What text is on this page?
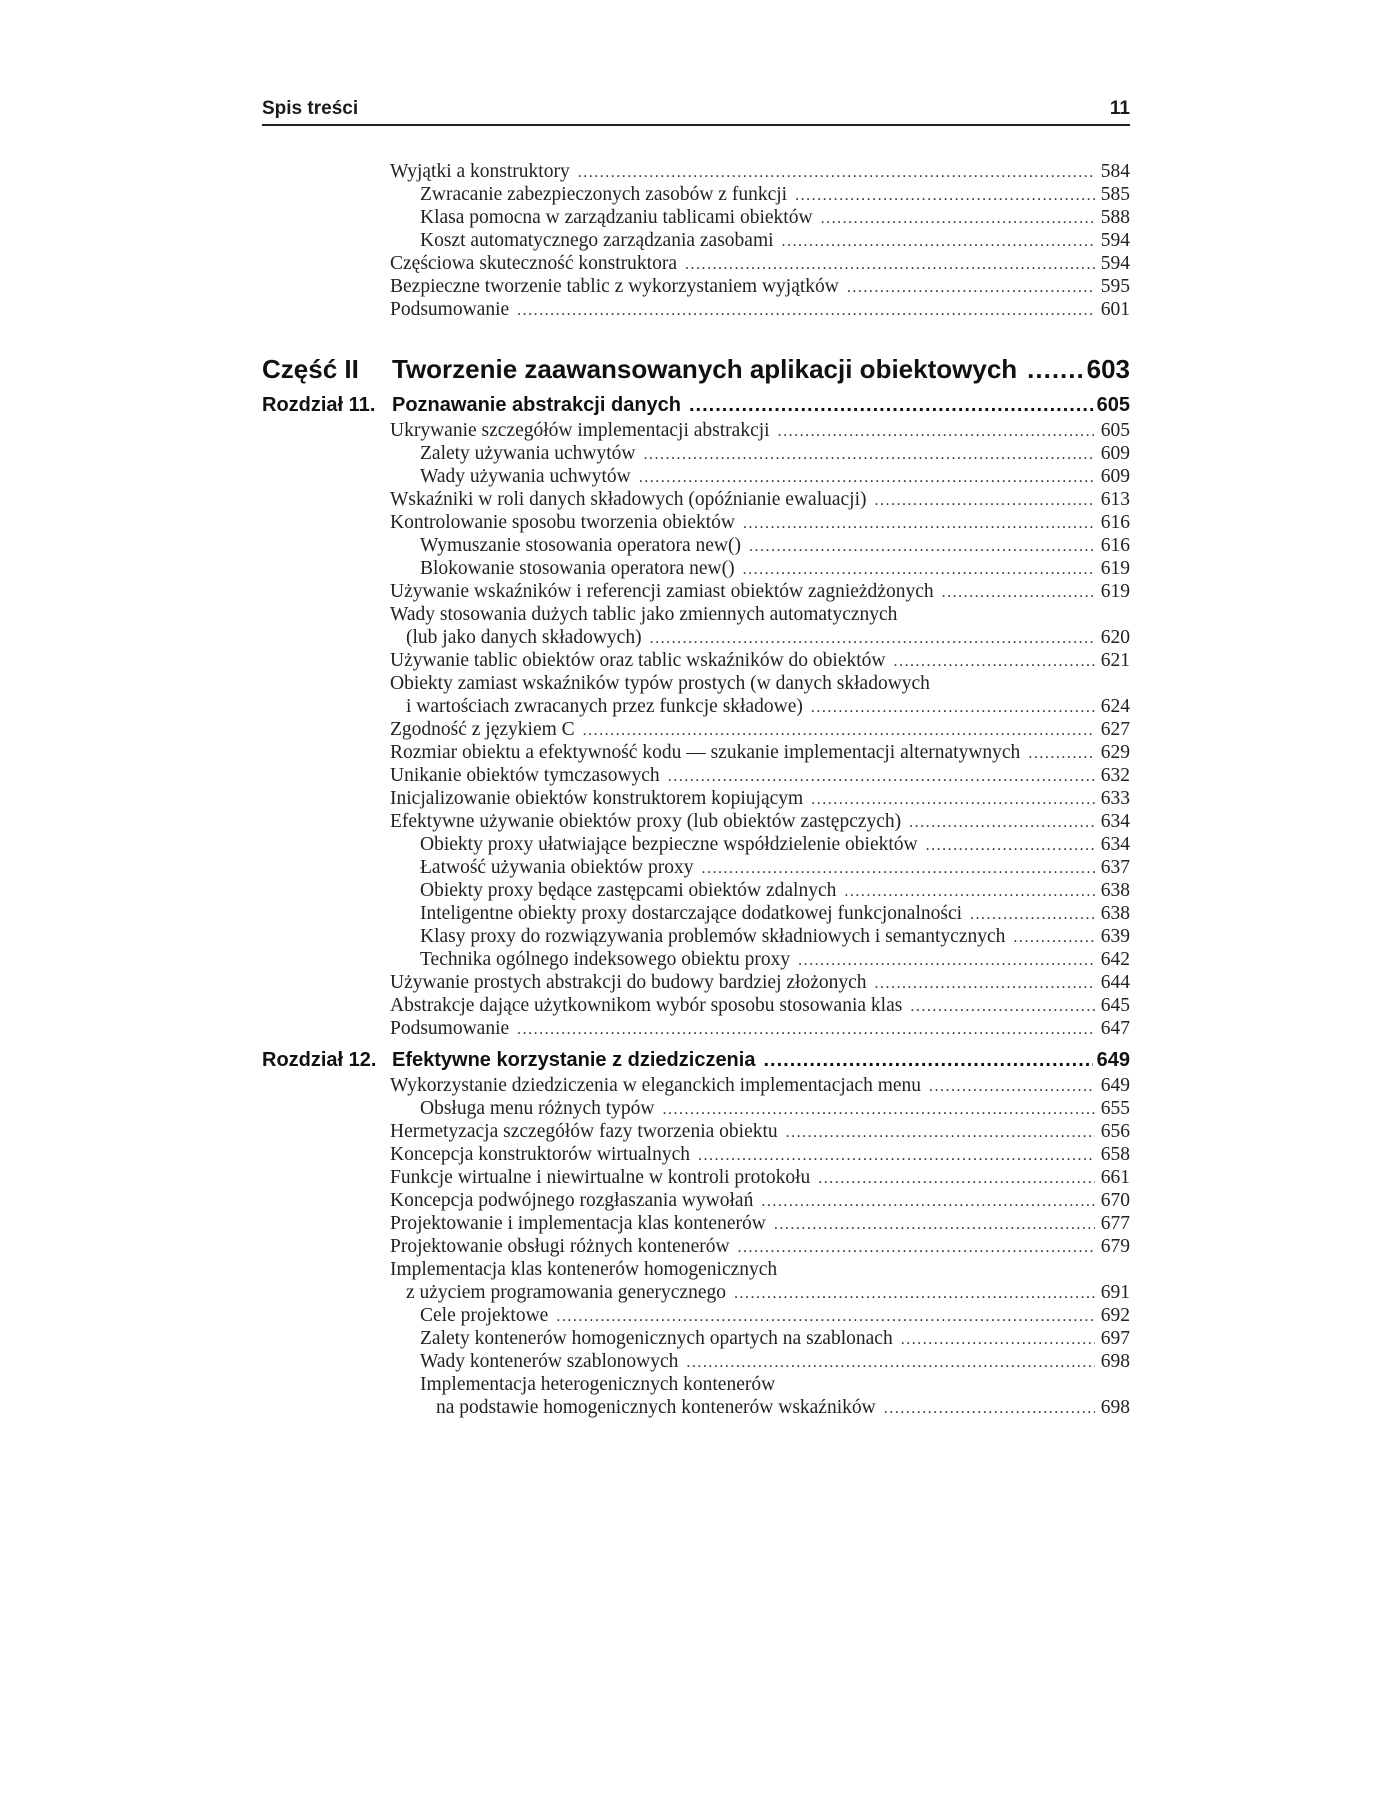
Spis treści	11
Wyjątki a konstruktory .....	584
Zwracanie zabezpieczonych zasobów z funkcji .....	585
Klasa pomocna w zarządzaniu tablicami obiektów .....	588
Koszt automatycznego zarządzania zasobami .....	594
Częściowa skuteczność konstruktora .....	594
Bezpieczne tworzenie tablic z wykorzystaniem wyjątków .....	595
Podsumowanie .....	601
Część II Tworzenie zaawansowanych aplikacji obiektowych .....	603
Rozdział 11. Poznawanie abstrakcji danych .....	605
Ukrywanie szczegółów implementacji abstrakcji .....	605
Zalety używania uchwytów .....	609
Wady używania uchwytów .....	609
Wskaźniki w roli danych składowych (opóźnianie ewaluacji) .....	613
Kontrolowanie sposobu tworzenia obiektów .....	616
Wymuszanie stosowania operatora new() .....	616
Blokowanie stosowania operatora new() .....	619
Używanie wskaźników i referencji zamiast obiektów zagnieżdżonych .....	619
Wady stosowania dużych tablic jako zmiennych automatycznych
(lub jako danych składowych) .....	620
Używanie tablic obiektów oraz tablic wskaźników do obiektów .....	621
Obiekty zamiast wskaźników typów prostych (w danych składowych
i wartościach zwracanych przez funkcje składowe) .....	624
Zgodność z językiem C .....	627
Rozmiar obiektu a efektywność kodu — szukanie implementacji alternatywnych .....	629
Unikanie obiektów tymczasowych .....	632
Inicjalizowanie obiektów konstruktorem kopiującym .....	633
Efektywne używanie obiektów proxy (lub obiektów zastępczych) .....	634
Obiekty proxy ułatwiające bezpieczne współdzielenie obiektów .....	634
Łatwość używania obiektów proxy .....	637
Obiekty proxy będące zastępcami obiektów zdalnych .....	638
Inteligentne obiekty proxy dostarczające dodatkowej funkcjonalności .....	638
Klasy proxy do rozwiązywania problemów składniowych i semantycznych .....	639
Technika ogólnego indeksowego obiektu proxy .....	642
Używanie prostych abstrakcji do budowy bardziej złożonych .....	644
Abstrakcje dające użytkownikom wybór sposobu stosowania klas .....	645
Podsumowanie .....	647
Rozdział 12. Efektywne korzystanie z dziedziczenia .....	649
Wykorzystanie dziedziczenia w eleganckich implementacjach menu .....	649
Obsługa menu różnych typów .....	655
Hermetyzacja szczegółów fazy tworzenia obiektu .....	656
Koncepcja konstruktorów wirtualnych .....	658
Funkcje wirtualne i niewirtualne w kontroli protokołu .....	661
Koncepcja podwójnego rozgłaszania wywołań .....	670
Projektowanie i implementacja klas kontenerów .....	677
Projektowanie obsługi różnych kontenerów .....	679
Implementacja klas kontenerów homogenicznych
z użyciem programowania generycznego .....	691
Cele projektowe .....	692
Zalety kontenerów homogenicznych opartych na szablonach .....	697
Wady kontenerów szablonowych .....	698
Implementacja heterogenicznych kontenerów
na podstawie homogenicznych kontenerów wskaźników .....	698
